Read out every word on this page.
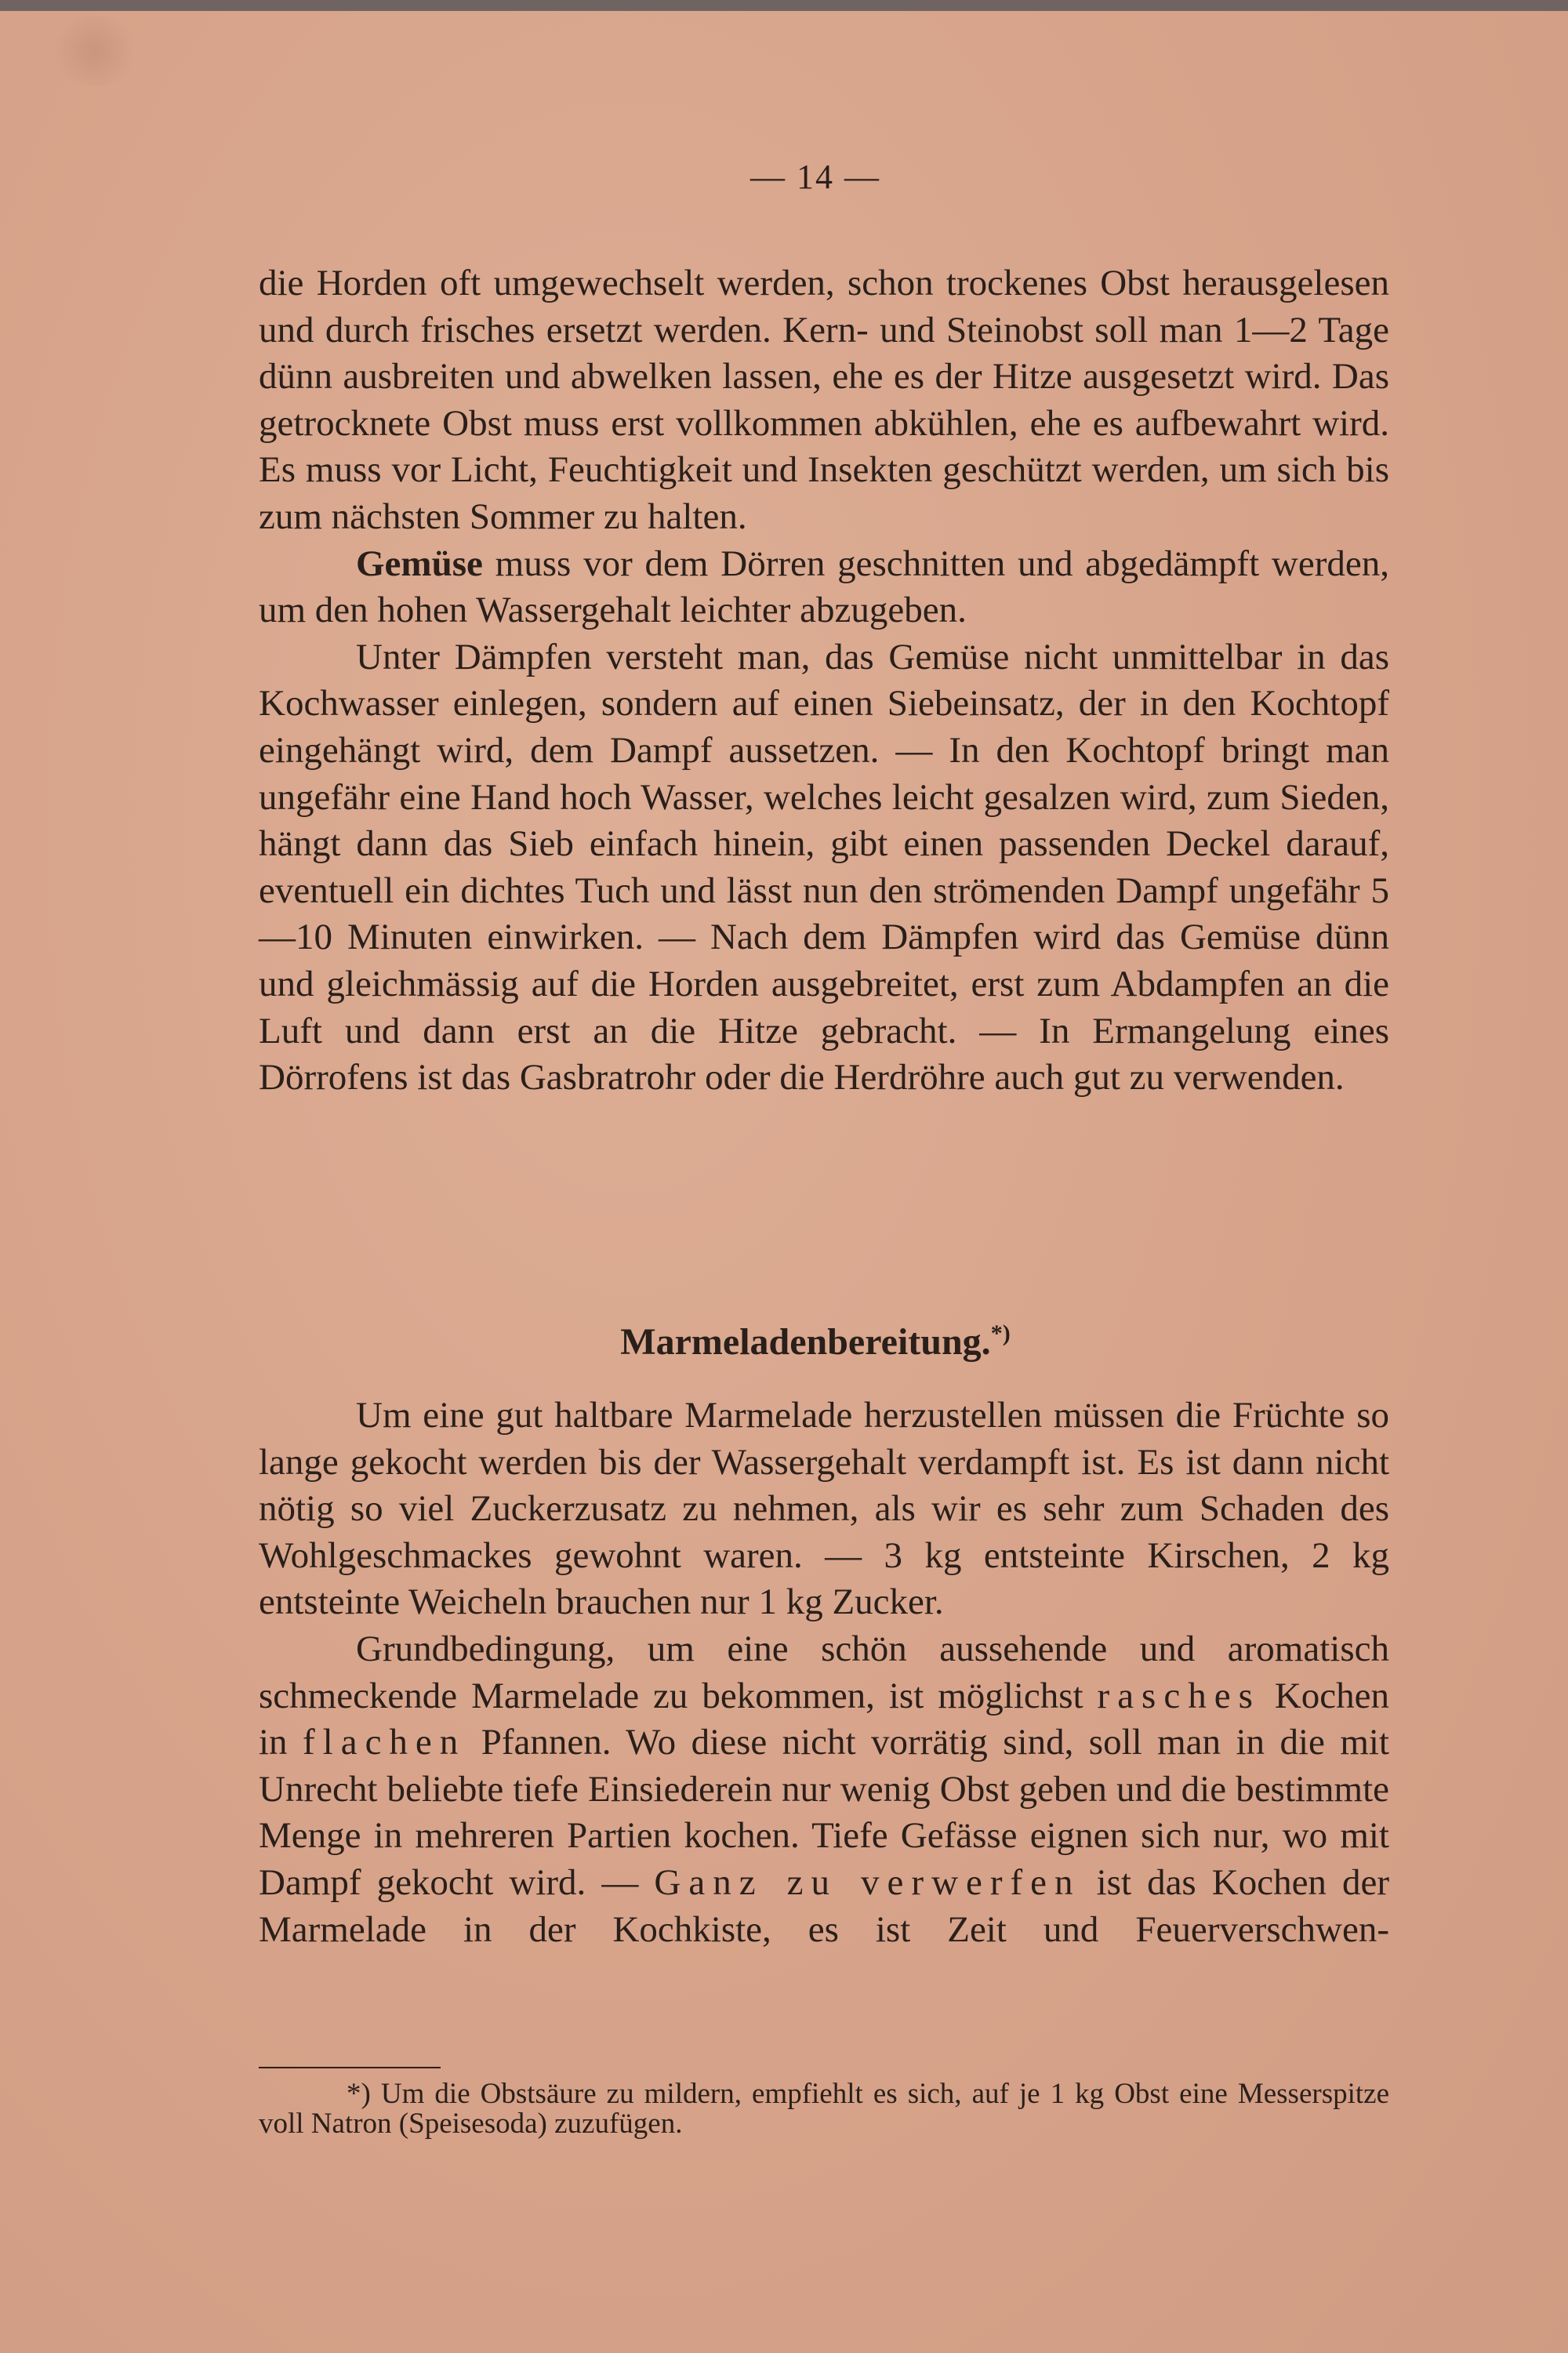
— 14 —

die Horden oft umgewechselt werden, schon trockenes Obst herausgelesen und durch frisches ersetzt werden. Kern- und Steinobst soll man 1—2 Tage dünn ausbreiten und abwelken lassen, ehe es der Hitze ausgesetzt wird. Das getrocknete Obst muss erst vollkommen abkühlen, ehe es aufbewahrt wird. Es muss vor Licht, Feuchtigkeit und Insekten geschützt werden, um sich bis zum nächsten Sommer zu halten.

Gemüse muss vor dem Dörren geschnitten und abgedämpft werden, um den hohen Wassergehalt leichter abzugeben.

Unter Dämpfen versteht man, das Gemüse nicht unmittelbar in das Kochwasser einlegen, sondern auf einen Siebeinsatz, der in den Kochtopf eingehängt wird, dem Dampf aussetzen. — In den Kochtopf bringt man ungefähr eine Hand hoch Wasser, welches leicht gesalzen wird, zum Sieden, hängt dann das Sieb einfach hinein, gibt einen passenden Deckel darauf, eventuell ein dichtes Tuch und lässt nun den strömenden Dampf ungefähr 5—10 Minuten einwirken. — Nach dem Dämpfen wird das Gemüse dünn und gleichmässig auf die Horden ausgebreitet, erst zum Abdampfen an die Luft und dann erst an die Hitze gebracht. — In Ermangelung eines Dörrofens ist das Gasbratrohr oder die Herdröhre auch gut zu verwenden.

Marmeladenbereitung.*)

Um eine gut haltbare Marmelade herzustellen müssen die Früchte so lange gekocht werden bis der Wassergehalt verdampft ist. Es ist dann nicht nötig so viel Zuckerzusatz zu nehmen, als wir es sehr zum Schaden des Wohlgeschmackes gewohnt waren. — 3 kg entsteinte Kirschen, 2 kg entsteinte Weicheln brauchen nur 1 kg Zucker.

Grundbedingung, um eine schön aussehende und aromatisch schmeckende Marmelade zu bekommen, ist möglichst rasches Kochen in flachen Pfannen. Wo diese nicht vorrätig sind, soll man in die mit Unrecht beliebte tiefe Einsiederein nur wenig Obst geben und die bestimmte Menge in mehreren Partien kochen. Tiefe Gefässe eignen sich nur, wo mit Dampf gekocht wird. — Ganz zu verwerfen ist das Kochen der Marmelade in der Kochkiste, es ist Zeit und Feuerverschwen-

*) Um die Obstsäure zu mildern, empfiehlt es sich, auf je 1 kg Obst eine Messerspitze voll Natron (Speisesoda) zuzufügen.
